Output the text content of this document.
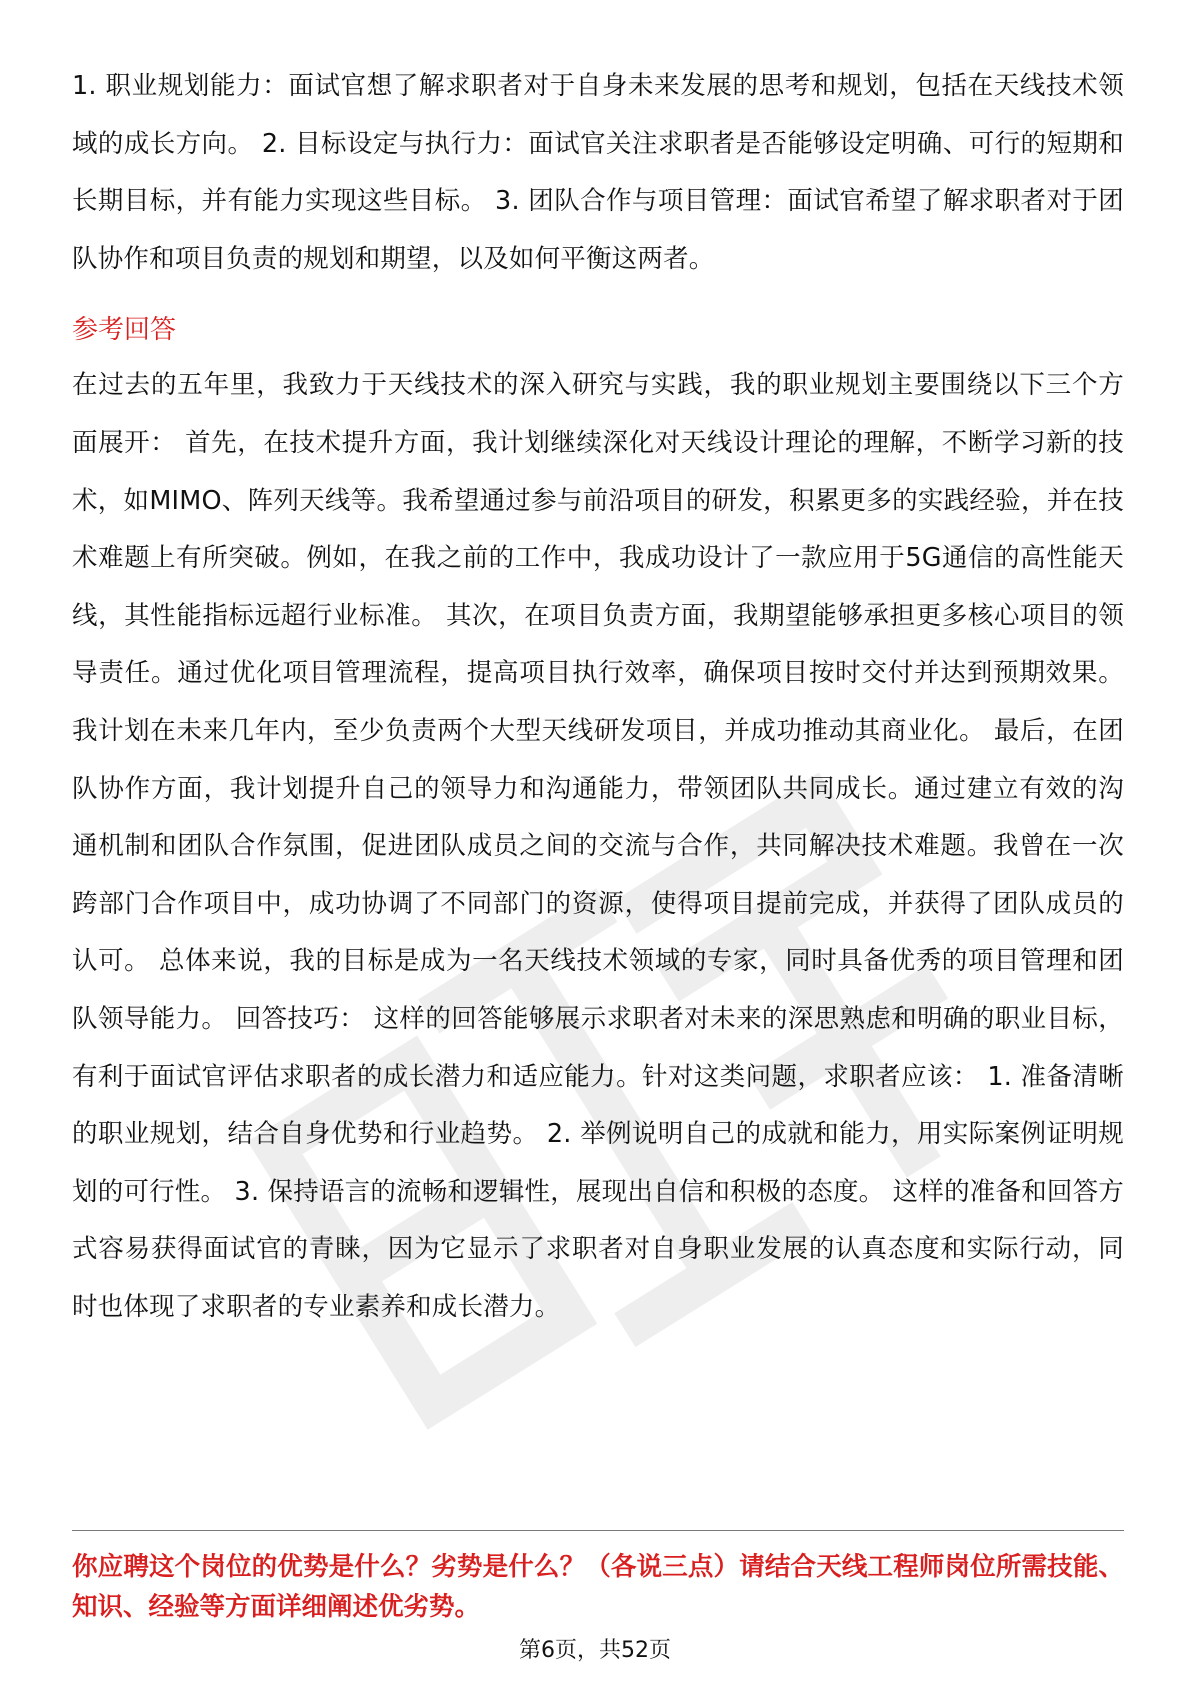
1. 职业规划能力：面试官想了解求职者对于自身未来发展的思考和规划，包括在天线技术领域的成长方向。 2. 目标设定与执行力：面试官关注求职者是否能够设定明确、可行的短期和长期目标，并有能力实现这些目标。 3. 团队合作与项目管理：面试官希望了解求职者对于团队协作和项目负责的规划和期望，以及如何平衡这两者。

参考回答

在过去的五年里，我致力于天线技术的深入研究与实践，我的职业规划主要围绕以下三个方面展开： 首先，在技术提升方面，我计划继续深化对天线设计理论的理解，不断学习新的技术，如MIMO、阵列天线等。我希望通过参与前沿项目的研发，积累更多的实践经验，并在技术难题上有所突破。例如，在我之前的工作中，我成功设计了一款应用于5G通信的高性能天线，其性能指标远超行业标准。 其次，在项目负责方面，我期望能够承担更多核心项目的领导责任。通过优化项目管理流程，提高项目执行效率，确保项目按时交付并达到预期效果。我计划在未来几年内，至少负责两个大型天线研发项目，并成功推动其商业化。 最后，在团队协作方面，我计划提升自己的领导力和沟通能力，带领团队共同成长。通过建立有效的沟通机制和团队合作氛围，促进团队成员之间的交流与合作，共同解决技术难题。我曾在一次跨部门合作项目中，成功协调了不同部门的资源，使得项目提前完成，并获得了团队成员的认可。 总体来说，我的目标是成为一名天线技术领域的专家，同时具备优秀的项目管理和团队领导能力。 回答技巧： 这样的回答能够展示求职者对未来的深思熟虑和明确的职业目标，有利于面试官评估求职者的成长潜力和适应能力。针对这类问题，求职者应该： 1. 准备清晰的职业规划，结合自身优势和行业趋势。 2. 举例说明自己的成就和能力，用实际案例证明规划的可行性。 3. 保持语言的流畅和逻辑性，展现出自信和积极的态度。 这样的准备和回答方式容易获得面试官的青睐，因为它显示了求职者对自身职业发展的认真态度和实际行动，同时也体现了求职者的专业素养和成长潜力。

你应聘这个岗位的优势是什么？劣势是什么？（各说三点）请结合天线工程师岗位所需技能、知识、经验等方面详细阐述优劣势。

第6页，共52页
